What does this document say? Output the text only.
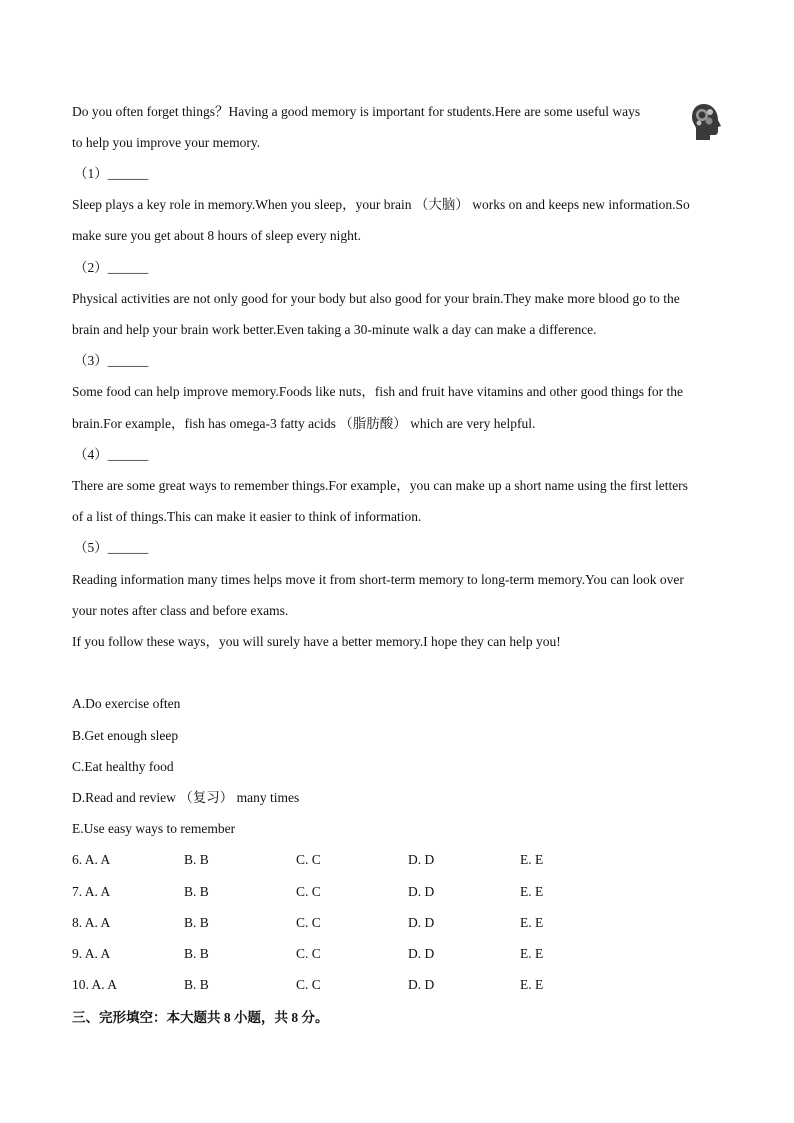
Do you often forget things？Having a good memory is important for students.Here are some useful ways
to help you improve your memory.
（1）______
Sleep plays a key role in memory.When you sleep，your brain （大脑） works on and keeps new information.So
make sure you get about 8 hours of sleep every night.
（2）______
Physical activities are not only good for your body but also good for your brain.They make more blood go to the
brain and help your brain work better.Even taking a 30-minute walk a day can make a difference.
（3）______
Some food can help improve memory.Foods like nuts，fish and fruit have vitamins and other good things for the
brain.For example，fish has omega-3 fatty acids （脂肪酸） which are very helpful.
（4）______
There are some great ways to remember things.For example，you can make up a short name using the first letters
of a list of things.This can make it easier to think of information.
（5）______
Reading information many times helps move it from short-term memory to long-term memory.You can look over
your notes after class and before exams.
If you follow these ways，you will surely have a better memory.I hope they can help you!
A.Do exercise often
B.Get enough sleep
C.Eat healthy food
D.Read and review （复习） many times
E.Use easy ways to remember
6. A. A	B. B	C. C	D. D	E. E
7. A. A	B. B	C. C	D. D	E. E
8. A. A	B. B	C. C	D. D	E. E
9. A. A	B. B	C. C	D. D	E. E
10. A. A	B. B	C. C	D. D	E. E
三、完形填空：本大题共 8 小题，共 8 分。
